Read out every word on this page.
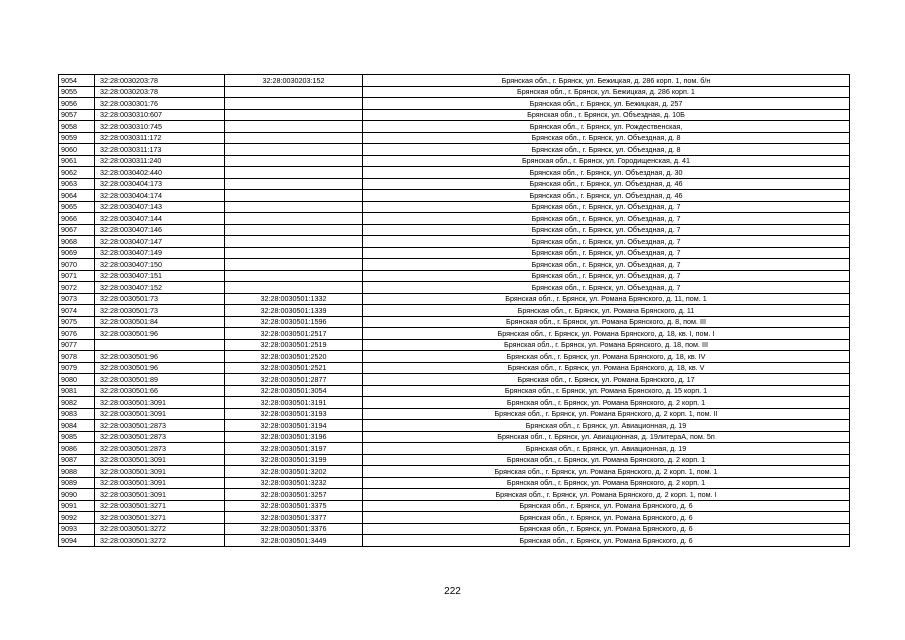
9054	32:28:0030203:78	32:28:0030203:152	Брянская обл., г. Брянск, ул. Бежицкая, д. 286 корп. 1, пом. б/н
9055	32:28:0030203:78		Брянская обл., г. Брянск, ул. Бежицкая, д. 286 корп. 1
9056	32:28:0030301:76		Брянская обл., г. Брянск, ул. Бежицкая, д. 257
9057	32:28:0030310:607		Брянская обл., г. Брянск, ул. Объездная, д. 10Б
9058	32:28:0030310:745		Брянская обл., г. Брянск, ул. Рождественская,
9059	32:28:0030311:172		Брянская обл., г. Брянск, ул. Объездная, д. 8
9060	32:28:0030311:173		Брянская обл., г. Брянск, ул. Объездная, д. 8
9061	32:28:0030311:240		Брянская обл., г. Брянск, ул. Городищенская, д. 41
9062	32:28:0030402:440		Брянская обл., г. Брянск, ул. Объездная, д. 30
9063	32:28:0030404:173		Брянская обл., г. Брянск, ул. Объездная, д. 46
9064	32:28:0030404:174		Брянская обл., г. Брянск, ул. Объездная, д. 46
9065	32:28:0030407:143		Брянская обл., г. Брянск, ул. Объездная, д. 7
9066	32:28:0030407:144		Брянская обл., г. Брянск, ул. Объездная, д. 7
9067	32:28:0030407:146		Брянская обл., г. Брянск, ул. Объездная, д. 7
9068	32:28:0030407:147		Брянская обл., г. Брянск, ул. Объездная, д. 7
9069	32:28:0030407:149		Брянская обл., г. Брянск, ул. Объездная, д. 7
9070	32:28:0030407:150		Брянская обл., г. Брянск, ул. Объездная, д. 7
9071	32:28:0030407:151		Брянская обл., г. Брянск, ул. Объездная, д. 7
9072	32:28:0030407:152		Брянская обл., г. Брянск, ул. Объездная, д. 7
9073	32:28:0030501:73	32:28:0030501:1332	Брянская обл., г. Брянск, ул. Романа Брянского, д. 11, пом. 1
9074	32:28:0030501:73	32:28:0030501:1339	Брянская обл., г. Брянск, ул. Романа Брянского, д. 11
9075	32:28:0030501:84	32:28:0030501:1596	Брянская обл., г. Брянск, ул. Романа Брянского, д. 8, пом. III
9076	32:28:0030501:96	32:28:0030501:2517	Брянская обл., г. Брянск, ул. Романа Брянского, д. 18, кв. I, пом. I
9077		32:28:0030501:2519	Брянская обл., г. Брянск, ул. Романа Брянского, д. 18, пом. III
9078	32:28:0030501:96	32:28:0030501:2520	Брянская обл., г. Брянск, ул. Романа Брянского, д. 18, кв. IV
9079	32:28:0030501:96	32:28:0030501:2521	Брянская обл., г. Брянск, ул. Романа Брянского, д. 18, кв. V
9080	32:28:0030501:89	32:28:0030501:2877	Брянская обл., г. Брянск, ул. Романа Брянского, д. 17
9081	32:28:0030501:66	32:28:0030501:3054	Брянская обл., г. Брянск, ул. Романа Брянского, д. 15 корп. 1
9082	32:28:0030501:3091	32:28:0030501:3191	Брянская обл., г. Брянск, ул. Романа Брянского, д. 2 корп. 1
9083	32:28:0030501:3091	32:28:0030501:3193	Брянская обл., г. Брянск, ул. Романа Брянского, д. 2 корп. 1, пом. II
9084	32:28:0030501:2873	32:28:0030501:3194	Брянская обл., г. Брянск, ул. Авиационная, д. 19
9085	32:28:0030501:2873	32:28:0030501:3196	Брянская обл., г. Брянск, ул. Авиационная, д. 19литераА, пом. 5п
9086	32:28:0030501:2873	32:28:0030501:3197	Брянская обл., г. Брянск, ул. Авиационная, д. 19
9087	32:28:0030501:3091	32:28:0030501:3199	Брянская обл., г. Брянск, ул. Романа Брянского, д. 2 корп. 1
9088	32:28:0030501:3091	32:28:0030501:3202	Брянская обл., г. Брянск, ул. Романа Брянского, д. 2 корп. 1, пом. 1
9089	32:28:0030501:3091	32:28:0030501:3232	Брянская обл., г. Брянск, ул. Романа Брянского, д. 2 корп. 1
9090	32:28:0030501:3091	32:28:0030501:3257	Брянская обл., г. Брянск, ул. Романа Брянского, д. 2 корп. 1, пом. I
9091	32:28:0030501:3271	32:28:0030501:3375	Брянская обл., г. Брянск, ул. Романа Брянского, д. 6
9092	32:28:0030501:3271	32:28:0030501:3377	Брянская обл., г. Брянск, ул. Романа Брянского, д. 6
9093	32:28:0030501:3272	32:28:0030501:3376	Брянская обл., г. Брянск, ул. Романа Брянского, д. 6
9094	32:28:0030501:3272	32:28:0030501:3449	Брянская обл., г. Брянск, ул. Романа Брянского, д. 6
222
